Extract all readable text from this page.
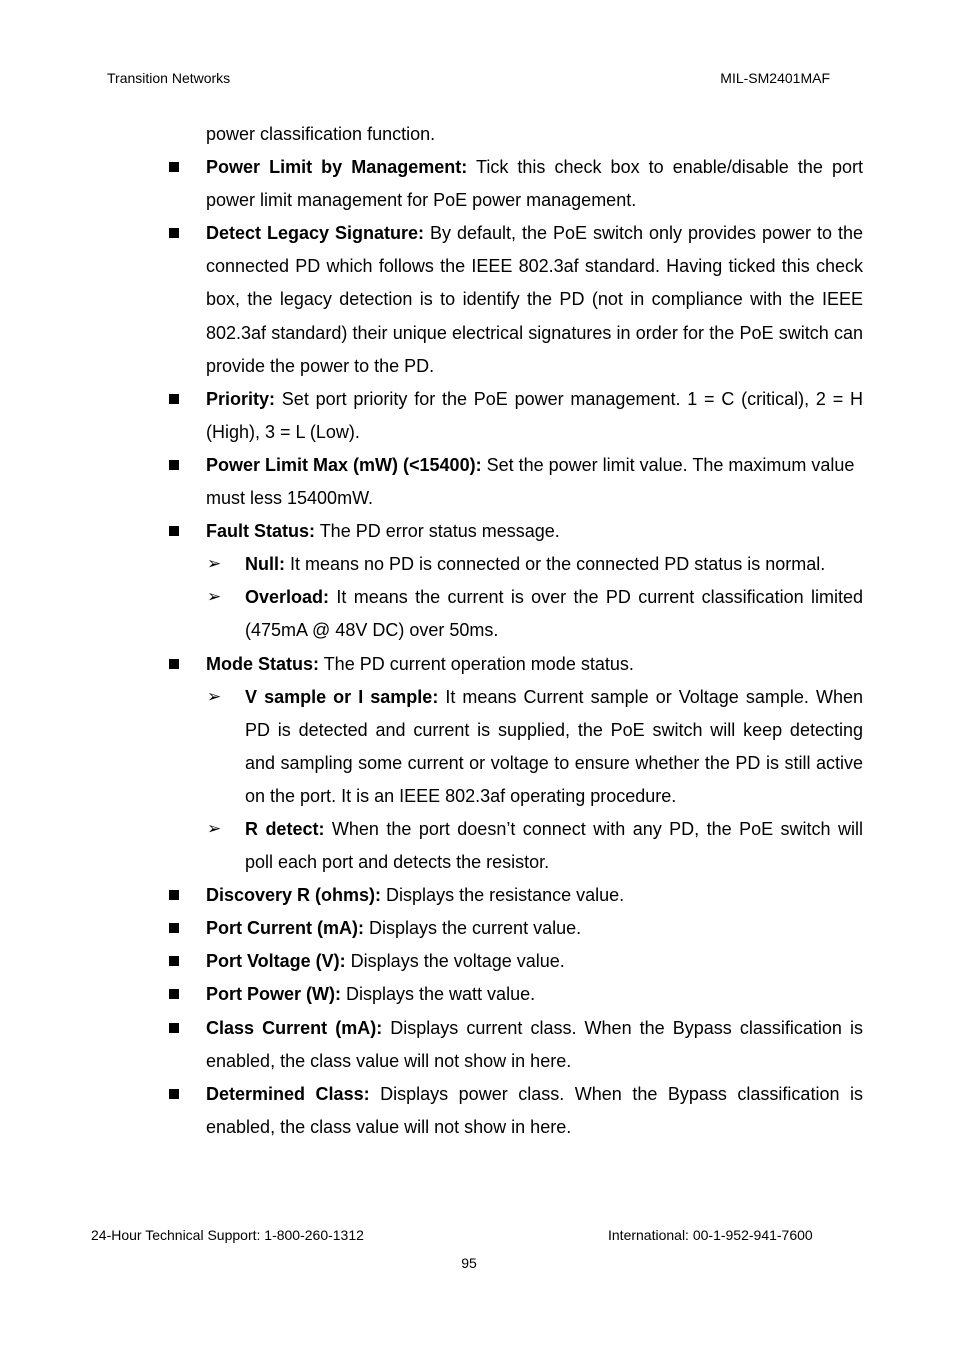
Transition Networks	MIL-SM2401MAF
power classification function.
Power Limit by Management: Tick this check box to enable/disable the port power limit management for PoE power management.
Detect Legacy Signature: By default, the PoE switch only provides power to the connected PD which follows the IEEE 802.3af standard. Having ticked this check box, the legacy detection is to identify the PD (not in compliance with the IEEE 802.3af standard) their unique electrical signatures in order for the PoE switch can provide the power to the PD.
Priority: Set port priority for the PoE power management. 1 = C (critical), 2 = H (High), 3 = L (Low).
Power Limit Max (mW) (<15400): Set the power limit value. The maximum value must less 15400mW.
Fault Status: The PD error status message.
➢ Null: It means no PD is connected or the connected PD status is normal.
➢ Overload: It means the current is over the PD current classification limited (475mA @ 48V DC) over 50ms.
Mode Status: The PD current operation mode status.
➢ V sample or I sample: It means Current sample or Voltage sample. When PD is detected and current is supplied, the PoE switch will keep detecting and sampling some current or voltage to ensure whether the PD is still active on the port. It is an IEEE 802.3af operating procedure.
➢ R detect: When the port doesn’t connect with any PD, the PoE switch will poll each port and detects the resistor.
Discovery R (ohms): Displays the resistance value.
Port Current (mA): Displays the current value.
Port Voltage (V): Displays the voltage value.
Port Power (W): Displays the watt value.
Class Current (mA): Displays current class. When the Bypass classification is enabled, the class value will not show in here.
Determined Class: Displays power class. When the Bypass classification is enabled, the class value will not show in here.
24-Hour Technical Support: 1-800-260-1312	International: 00-1-952-941-7600
95
